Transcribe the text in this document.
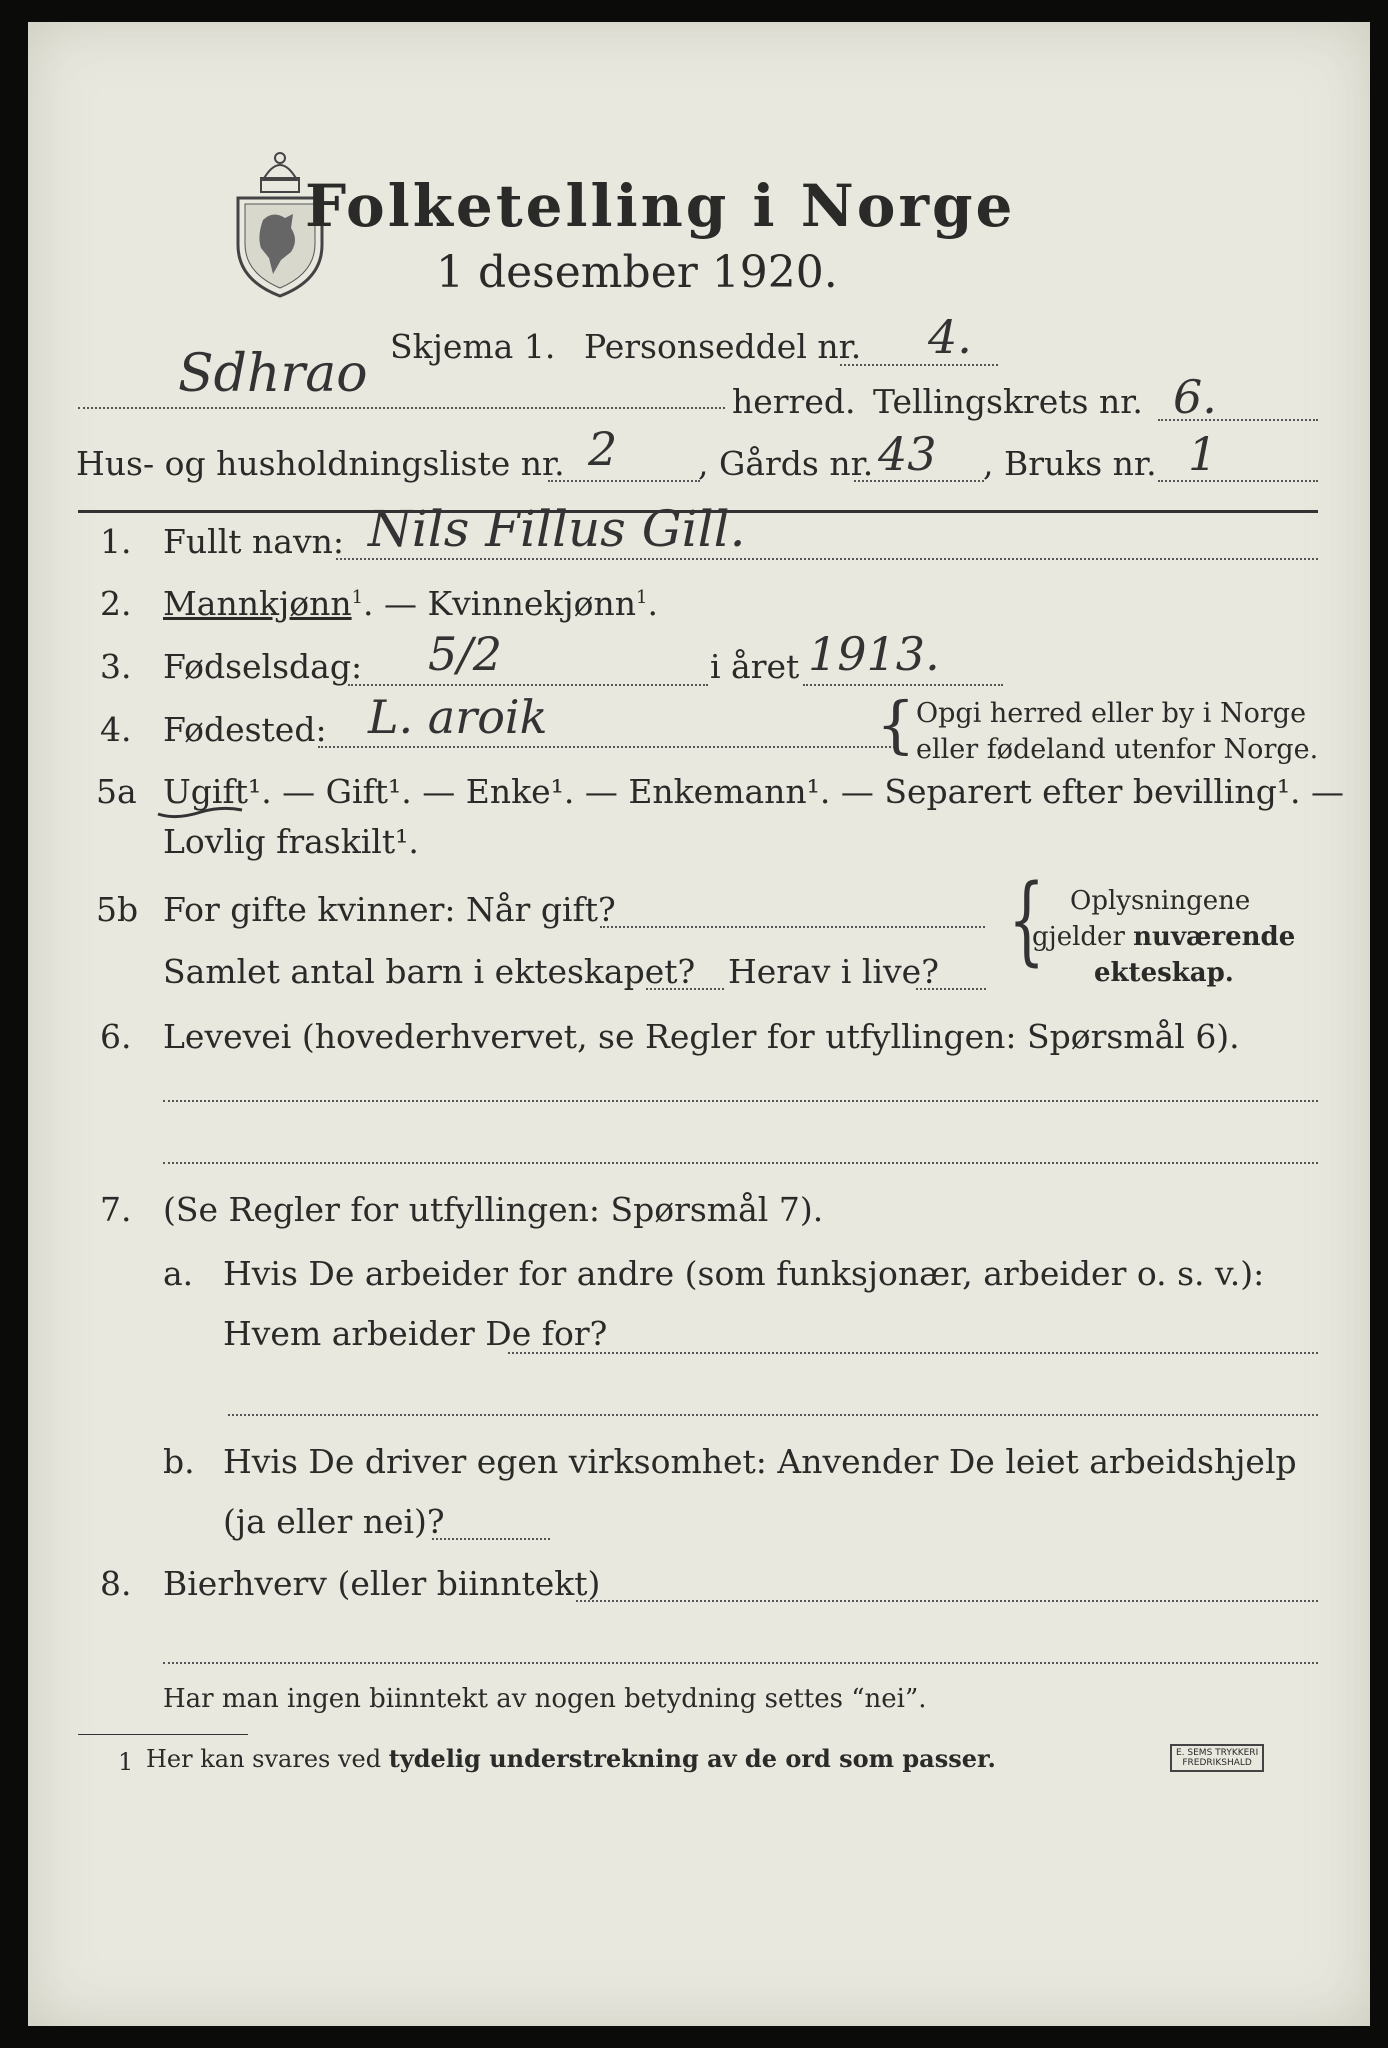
Folketelling i Norge
1 desember 1920.
Skjema 1. Personseddel nr. 4.
Sdhrao	herred. Tellingskrets nr. 6.
Hus- og husholdningsliste nr. 2 , Gårds nr. 43 , Bruks nr. 1
1. Fullt navn: Nils Fillus Gill.
2. Mannkjønn$^1$. — Kvinnekjønn$^1$.
3. Fødselsdag: 5/2	i året 1913.
4. Fødested: L. aroik	{ Opgi herred eller by i Norge
eller fødeland utenfor Norge.
5a Ugift¹. — Gift¹. — Enke¹. — Enkemann¹. — Separert efter bevilling¹. —
Lovlig fraskilt¹.
5b For gifte kvinner: Når gift?
Samlet antal barn i ekteskapet? Herav i live? { Oplysningene
gjelder nuværende
ekteskap.
6. Levevei (hovederhvervet, se Regler for utfyllingen: Spørsmål 6).
7. (Se Regler for utfyllingen: Spørsmål 7).
a. Hvis De arbeider for andre (som funksjonær, arbeider o. s. v.):
Hvem arbeider De for?
b. Hvis De driver egen virksomhet: Anvender De leiet arbeidshjelp
(ja eller nei)?
8. Bierhverv (eller biinntekt)
Har man ingen biinntekt av nogen betydning settes “nei”.
1 Her kan svares ved tydelig understrekning av de ord som passer.	E. SEMS TRYKKERI
FREDRIKSHALD
